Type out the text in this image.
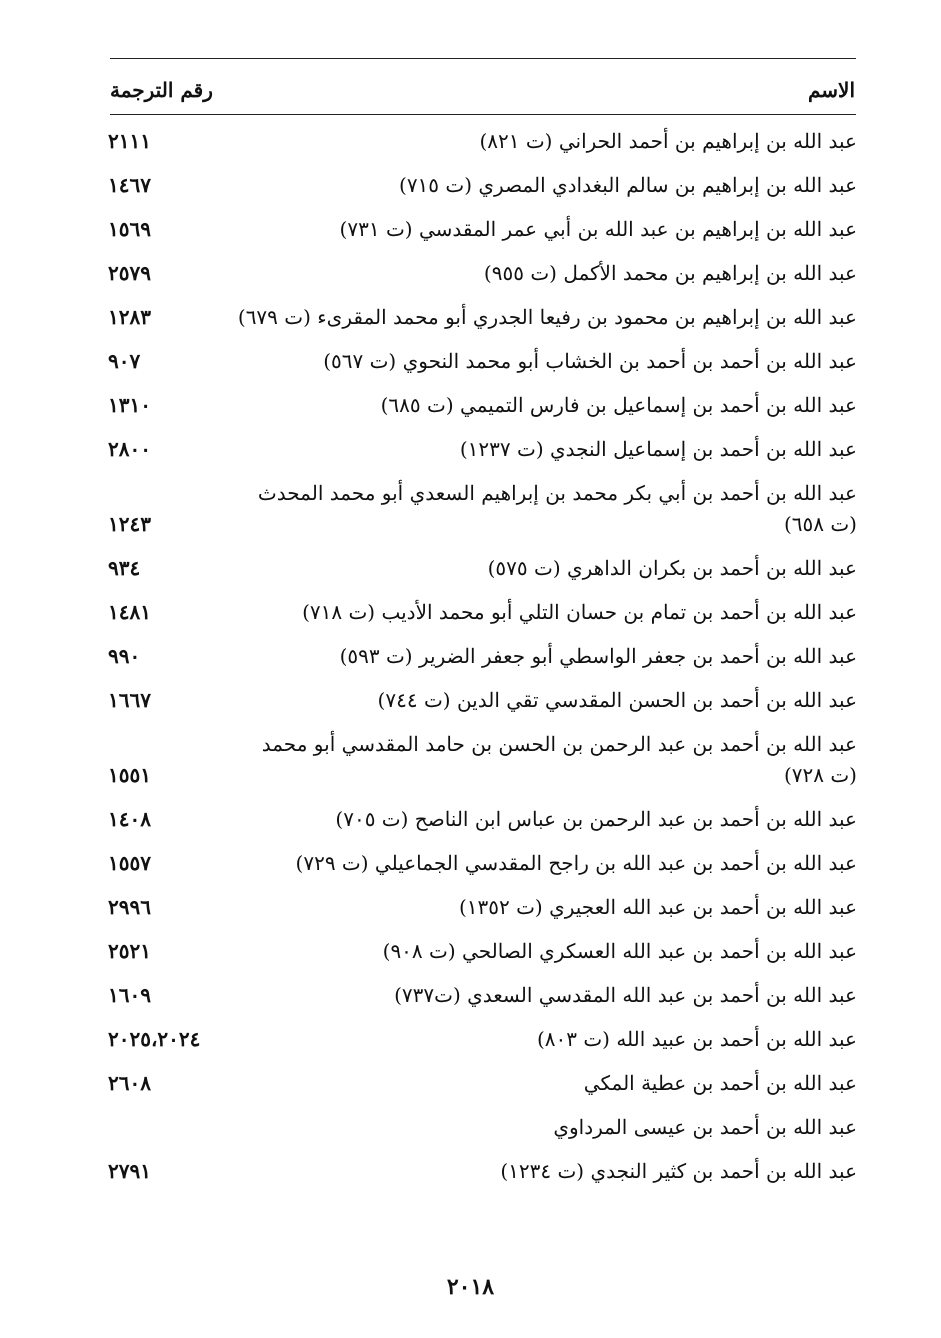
الاسم
رقم الترجمة
عبد الله بن إبراهيم بن أحمد الحراني (ت ٨٢١)
٢١١١
عبد الله بن إبراهيم بن سالم البغدادي المصري (ت ٧١٥)
١٤٦٧
عبد الله بن إبراهيم بن عبد الله بن أبي عمر المقدسي (ت ٧٣١)
١٥٦٩
عبد الله بن إبراهيم بن محمد الأكمل (ت ٩٥٥)
٢٥٧٩
عبد الله بن إبراهيم بن محمود بن رفيعا الجدري أبو محمد المقرىء (ت ٦٧٩)
١٢٨٣
عبد الله بن أحمد بن أحمد بن الخشاب أبو محمد النحوي (ت ٥٦٧)
٩٠٧
عبد الله بن أحمد بن إسماعيل بن فارس التميمي (ت ٦٨٥)
١٣١٠
عبد الله بن أحمد بن إسماعيل النجدي (ت ١٢٣٧)
٢٨٠٠
عبد الله بن أحمد بن أبي بكر محمد بن إبراهيم السعدي أبو محمد المحدث (ت ٦٥٨)
١٢٤٣
عبد الله بن أحمد بن بكران الداهري (ت ٥٧٥)
٩٣٤
عبد الله بن أحمد بن تمام بن حسان التلي أبو محمد الأديب (ت ٧١٨)
١٤٨١
عبد الله بن أحمد بن جعفر الواسطي أبو جعفر الضرير (ت ٥٩٣)
٩٩٠
عبد الله بن أحمد بن الحسن المقدسي تقي الدين (ت ٧٤٤)
١٦٦٧
عبد الله بن أحمد بن عبد الرحمن بن الحسن بن حامد المقدسي أبو محمد (ت ٧٢٨)
١٥٥١
عبد الله بن أحمد بن عبد الرحمن بن عباس ابن الناصح (ت ٧٠٥)
١٤٠٨
عبد الله بن أحمد بن عبد الله بن راجح المقدسي الجماعيلي (ت ٧٢٩)
١٥٥٧
عبد الله بن أحمد بن عبد الله العجيري (ت ١٣٥٢)
٢٩٩٦
عبد الله بن أحمد بن عبد الله العسكري الصالحي (ت ٩٠٨)
٢٥٢١
عبد الله بن أحمد بن عبد الله المقدسي السعدي (ت٧٣٧)
١٦٠٩
عبد الله بن أحمد بن عبيد الله (ت ٨٠٣)
٢٠٢٥،٢٠٢٤
عبد الله بن أحمد بن عطية المكي
٢٦٠٨
عبد الله بن أحمد بن عيسى المرداوي
عبد الله بن أحمد بن كثير النجدي (ت ١٢٣٤)
٢٧٩١
٢٠١٨
